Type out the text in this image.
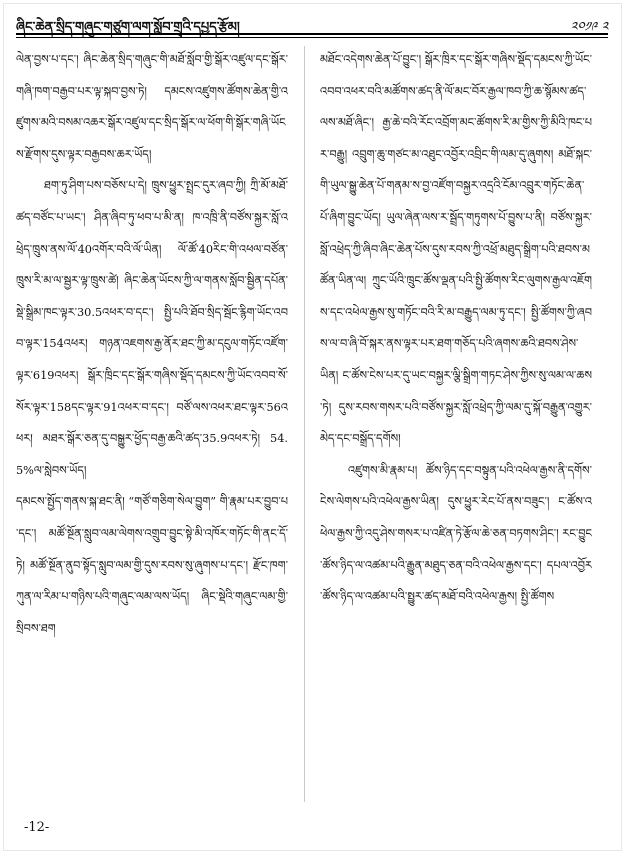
ཞིང་ཆེན་སྲིད་གཞུང་གཙུག་ལག་སློབ་གྲྭའི་དཔྱད་རྩོམ།	༢༠༡༩ ༢

ལེན་བྱས་པ་དང་། ཞིང་ཆེན་སྲིད་གཞུང་གི་མཐོ་སློབ་གྱི་སྒོར་འཛུལ་དང་སྒོར་གཞི་ཁག་བརྒྱབ་པར་ལྟ་སྐབ་བྱས་ཏེ། དམངས་འཛུགས་ཚོགས་ཆེན་གྱི་འཛུགས་མའི་བསམ་འཆར་སྒོར་འཛུལ་དང་སྲིད་སྒོར་ལ་ཕོག་གི་སྒོར་གཞི་ཡོངས་རྫོགས་དུས་ལྟར་བརྒྱབས་ཆར་ཡོད།

ཐག་ཏུ་ཤིག་པས་བཅོས་པ་དེ། ཁྲུས་ཕྱུར་སྤྲང་དུར་ཞབ་ཀྱི། ཀྲི་མོ་མཐོ་ཚད་བཙོང་པ་ཡང་། ཤིན་ཞིབ་ཏུ་ཕབ་པ་མི་ན། ཁ་འཁྲི་ནི་བཙོས་སྐྱར་སློ་འཕྲེད་ཁྲུས་ནས་ལོ་40འགོར་བའི་ལོ་ཡིན། ལོ་ཚོ་40རིང་གི་འཕལ་བཙོན་ཁྲུས་རི་མ་ལ་སྦྱར་ལྟ་ཁྲུས་ཚེ། ཞིང་ཆེན་ཡོངས་ཀྱི་ལ་གནས་སློབ་སྦྱིན་དཔོན་སྡེ་སྒྲིམ་ཁང་ལྟར་30.5འཕར་བ་དང་། སྤྱི་པའི་ཐོབ་སྲིད་སྦོང་རྙིག་ཡོང་འབབ་ལྟར་154འཕར། གཉན་འཇགས་རྒྱ་ནོར་ཐང་ཀྱི་མ་དངུལ་གཏོང་འཛོག་ལྟར་619འཕར། སྒོར་ཁྲིང་དང་སྒོར་གཞིས་སྡོད་དམངས་ཀྱི་ཡོང་འབབ་སོ་སོར་ལྟར་158དང་ལྟར་91འཕར་བ་དང་། བཙོ་ལས་འཕར་ཐང་ལྟར་56འཕར། མཐར་སྒོར་ཅན་དུ་བསྒྱུར་ཕྱོད་བརྒྱ་ཆའི་ཚད་35.9འཕར་ཏེ། 54.5%ལ་སླེབས་ཡོད།

དམངས་སྤྱོད་གནས་སྐ་ཐང་ནི། “གཙོ་གཅིག་སེལ་བྱུག” གི་རྣམ་པར་བྱུབ་པ་དང་། མཚོ་སྔོན་སླུབ་ལམ་ལེགས་འགྲུབ་བྱུང་སྟེ་མི་འཁོར་གཏོང་གི་ནང་དོ་ཏེ། མཚོ་སྔོན་ནུབ་སྟོད་སླུབ་ལམ་གྱི་དུས་རབས་སུ་ཞུགས་པ་དང་། རྫོང་ཁག་ཀུན་ལ་རིམ་པ་གཉིས་པའི་གཞུང་ལམ་ལས་ཡོད། ཞིང་སྡེའི་གཞུང་ལམ་གྱི་སྲིབས་ཐག

མཐོང་འདེགས་ཆེན་པོ་བྱུང་། སྒོར་ཁྲིར་དང་སྒོར་གཞིས་སྡོད་དམངས་ཀྱི་ཡོང་འབབ་འཕར་བའི་མཚོགས་ཚད་ནི་ལོ་མང་བོར་རྒྱལ་ཁབ་ཀྱི་ཆ་སྙོམས་ཚད་ལས་མཐོ་ཞིང་། རྒྱ་ཆེ་བའི་རོང་འབྲོག་མང་ཚོགས་རི་མ་གྱིས་ཀྱི་མིའི་ཁང་པར་བརྒྱུ། འབྲུག་ཆུ་གཙང་མ་འཐུང་འབྱོར་འབྲིང་གི་ལམ་དུ་ཞུགས། མཐོ་སྐང་གི་ཡུལ་སྒྱུ་ཆེན་པོ་གནམ་ས་བྱ་འཛོག་བསྐྱར་འདྲའི་ངོམ་འབྲུར་གཏོང་ཆེན་པོ་ཞིག་བྱུང་ཡོད། ཡུལ་ཞེན་ལས་ར་སྦྲོད་གཏུགས་པོ་བྱུས་པ་ནི། བཙོས་སྐྱར་སློ་འཕྲེད་ཀྱི་ཞིབ་ཞིང་ཆེན་པོས་དུས་རབས་ཀྱི་འཕྲོ་མཐུད་སྒྲིག་པའི་ཐབས་མཚོན་ཡིན་ལ། ཀྲུང་ཡོའི་ཁྲུང་ཚོས་ལྡན་པའི་སྤྱི་ཚོགས་རིང་ལུགས་རྒྱལ་འཇོགས་དང་འཕེལ་རྒྱས་སུ་གཏོང་བའི་རི་མ་བརྒྱུད་ལམ་ཏུ་དང་། སྤྱི་ཚོགས་ཀྱི་ཞབས་ལ་བ་ཞི་བོ་སྐར་ནས་ལྟར་པར་ཐག་གཅོད་པའི་ཞགས་ཆའི་ཐབས་ཤེས་ཡིན། ང་ཚོས་ངེས་པར་དུ་ཡང་བསྐྱར་ལྕི་སྒྲིག་གཏང་ཤེས་ཀྱིས་སུ་ལམ་ལ་ཆས་ཏེ། དུས་རབས་གསར་པའི་བཙོས་སྐྱར་སློ་འཕྲེད་ཀྱི་ལམ་དུ་སྐོ་བརྒྱུན་འགྱུར་མེད་དང་བསྒྲོད་དགོས།

འཛུགས་མི་རྣམ་པ། ཚོས་ཉིད་དང་བསྟུན་པའི་འཕེལ་རྒྱས་ནི་དགོས་ངེས་ལེགས་པའི་འཕེལ་རྒྱས་ཡིན། དུས་ཕྱུར་རེང་པོ་ནས་བཟུང་། ང་ཚོས་འཕེལ་རྒྱས་ཀྱི་འདུ་ཤེས་གསར་པ་འཛིན་ཏེ་རྩོལ་ཆེ་ཅན་བཏགས་ཤིང་། རང་བྱུང་ཚོས་ཉིད་ལ་འཚམ་པའི་རྒྱུན་མཐུད་ཅན་བའི་འཕེལ་རྒྱས་དང་། དཔལ་འབྱོར་ཚོས་ཉིད་ལ་འཚམ་པའི་སྤྱུར་ཚད་མཐོ་བའི་འཕེལ་རྒྱས། སྤྱི་ཚོགས

-12-
